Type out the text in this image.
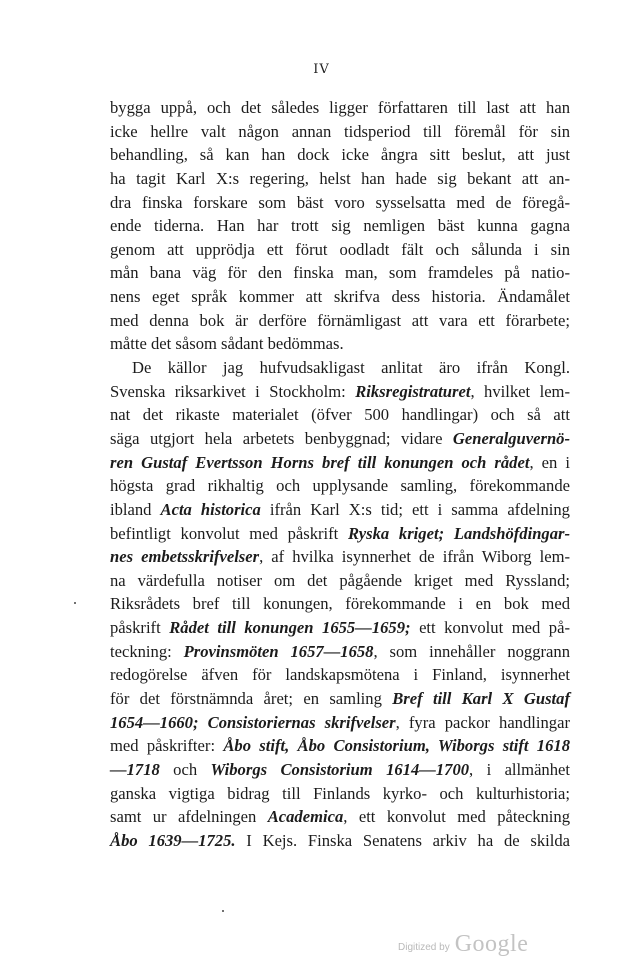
IV
bygga uppå, och det således ligger författaren till last att han
icke hellre valt någon annan tidsperiod till föremål för sin
behandling, så kan han dock icke ångra sitt beslut, att just
ha tagit Karl X:s regering, helst han hade sig bekant att an-
dra finska forskare som bäst voro sysselsatta med de föregå-
ende tiderna. Han har trott sig nemligen bäst kunna gagna
genom att upprödja ett förut oodladt fält och sålunda i sin
mån bana väg för den finska man, som framdeles på natio-
nens eget språk kommer att skrifva dess historia. Ändamålet
med denna bok är derföre förnämligast att vara ett förarbete;
måtte det såsom sådant bedömmas.
De källor jag hufvudsakligast anlitat äro ifrån Kongl.
Svenska riksarkivet i Stockholm: Riksregistraturet, hvilket lem-
nat det rikaste materialet (öfver 500 handlingar) och så att
säga utgjort hela arbetets benbyggnad; vidare Generalguvernö-
ren Gustaf Evertsson Horns bref till konungen och rådet, en i
högsta grad rikhaltig och upplysande samling, förekommande
ibland Acta historica ifrån Karl X:s tid; ett i samma afdelning
befintligt konvolut med påskrift Ryska kriget; Landshöfdingar-
nes embetsskrifvelser, af hvilka isynnerhet de ifrån Wiborg lem-
na värdefulla notiser om det pågående kriget med Ryssland;
Riksrådets bref till konungen, förekommande i en bok med
påskrift Rådet till konungen 1655—1659; ett konvolut med på-
teckning: Provinsmöten 1657—1658, som innehåller noggrann
redogörelse äfven för landskapsmötena i Finland, isynnerhet
för det förstnämnda året; en samling Bref till Karl X Gustaf
1654—1660; Consistoriernas skrifvelser, fyra packor handlingar
med påskrifter: Åbo stift, Åbo Consistorium, Wiborgs stift 1618
—1718 och Wiborgs Consistorium 1614—1700, i allmänhet
ganska vigtiga bidrag till Finlands kyrko- och kulturhistoria;
samt ur afdelningen Academica, ett konvolut med påteckning
Åbo 1639—1725. I Kejs. Finska Senatens arkiv ha de skilda
Digitized by Google
